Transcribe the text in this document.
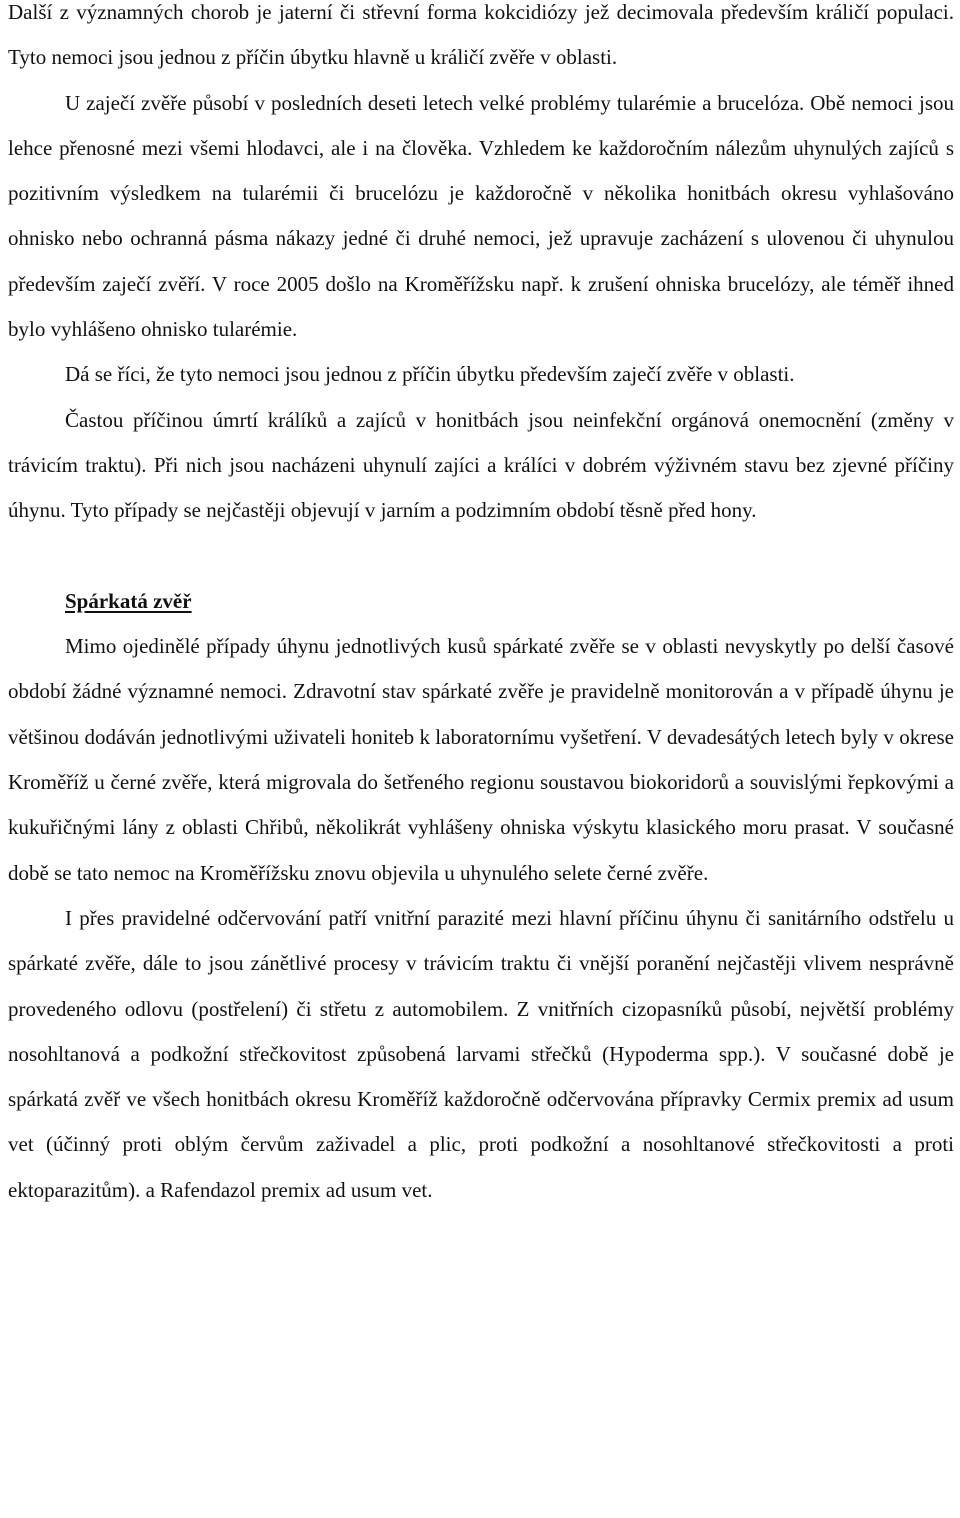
Další z významných chorob je jaterní či střevní forma kokcidiózy jež decimovala především králičí populaci. Tyto nemoci jsou jednou z příčin úbytku hlavně u králičí zvěře v oblasti.

U zaječí zvěře působí v posledních deseti letech velké problémy tularémie a brucelóza. Obě nemoci jsou lehce přenosné mezi všemi hlodavci, ale i na člověka. Vzhledem ke každoročním nálezům uhynulých zajíců s pozitivním výsledkem na tularémii či brucelózu je každoročně v několika honitbách okresu vyhlašováno ohnisko nebo ochranná pásma nákazy jedné či druhé nemoci, jež upravuje zacházení s ulovenou či uhynulou především zaječí zvěří. V roce 2005 došlo na Kroměřížsku např. k zrušení ohniska brucelózy, ale téměř ihned bylo vyhlášeno ohnisko tularémie.

Dá se říci, že tyto nemoci jsou jednou z příčin úbytku především zaječí zvěře v oblasti.

Častou příčinou úmrtí králíků a zajíců v honitbách jsou neinfekční orgánová onemocnění (změny v trávicím traktu). Při nich jsou nacházeni uhynulí zajíci a králíci v dobrém výživném stavu bez zjevné příčiny úhynu. Tyto případy se nejčastěji objevují v jarním a podzimním období těsně před hony.

Spárkatá zvěř

Mimo ojedinělé případy úhynu jednotlivých kusů spárkaté zvěře se v oblasti nevyskytly po delší časové období žádné významné nemoci. Zdravotní stav spárkaté zvěře je pravidelně monitorován a v případě úhynu je většinou dodáván jednotlivými uživateli honiteb k laboratornímu vyšetření. V devadesátých letech byly v okrese Kroměříž u černé zvěře, která migrovala do šetřeného regionu soustavou biokoridorů a souvislými řepkovými a kukuřičnými lány z oblasti Chřibů, několikrát vyhlášeny ohniska výskytu klasického moru prasat. V současné době se tato nemoc na Kroměřížsku znovu objevila u uhynulého selete černé zvěře.

I přes pravidelné odčervování patří vnitřní parazité mezi hlavní příčinu úhynu či sanitárního odstřelu u spárkaté zvěře, dále to jsou zánětlivé procesy v trávicím traktu či vnější poranění nejčastěji vlivem nesprávně provedeného odlovu (postřelení) či střetu z automobilem. Z vnitřních cizopasníků působí, největší problémy nosohltanová a podkožní střečkovitost způsobená larvami střečků (Hypoderma spp.). V současné době je spárkatá zvěř ve všech honitbách okresu Kroměříž každoročně odčervována přípravky Cermix premix ad usum vet (účinný proti oblým červům zaživadel a plic, proti podkožní a nosohltanové střečkovitosti a proti ektoparazitům). a Rafendazol premix ad usum vet.
